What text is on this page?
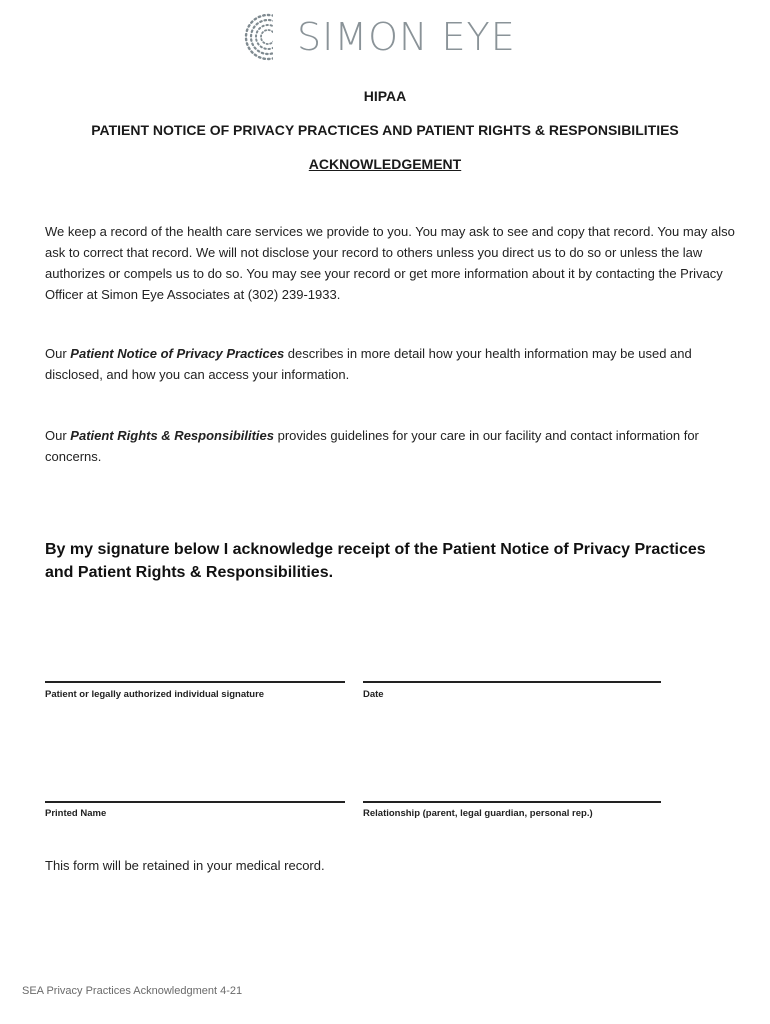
SIMON EYE
HIPAA
PATIENT NOTICE OF PRIVACY PRACTICES AND PATIENT RIGHTS & RESPONSIBILITIES
ACKNOWLEDGEMENT
We keep a record of the health care services we provide to you. You may ask to see and copy that record. You may also ask to correct that record. We will not disclose your record to others unless you direct us to do so or unless the law authorizes or compels us to do so. You may see your record or get more information about it by contacting the Privacy Officer at Simon Eye Associates at (302) 239-1933.
Our Patient Notice of Privacy Practices describes in more detail how your health information may be used and disclosed, and how you can access your information.
Our Patient Rights & Responsibilities provides guidelines for your care in our facility and contact information for concerns.
By my signature below I acknowledge receipt of the Patient Notice of Privacy Practices and Patient Rights & Responsibilities.
Patient or legally authorized individual signature	Date
Printed Name	Relationship (parent, legal guardian, personal rep.)
This form will be retained in your medical record.
SEA Privacy Practices Acknowledgment 4-21
